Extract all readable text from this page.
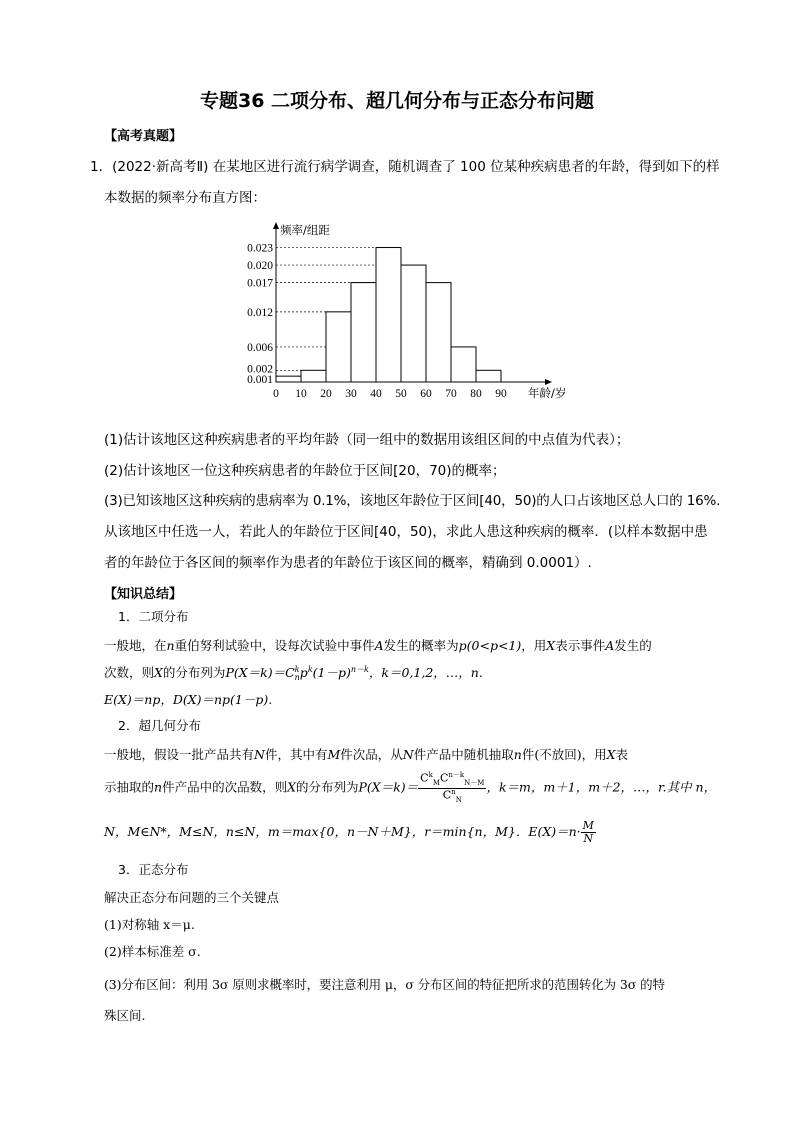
专题36 二项分布、超几何分布与正态分布问题
【高考真题】
1．(2022·新高考Ⅱ) 在某地区进行流行病学调查，随机调查了 100 位某种疾病患者的年龄，得到如下的样
本数据的频率分布直方图：
0 10 20 30 40 50 60 70 80 90
0.001
0.002
0.006
0.012
0.017
0.020
0.023
频率/组距
年龄/岁
(1)估计该地区这种疾病患者的平均年龄（同一组中的数据用该组区间的中点值为代表）；
(2)估计该地区一位这种疾病患者的年龄位于区间[20，70)的概率；
(3)已知该地区这种疾病的患病率为 0.1%，该地区年龄位于区间[40，50)的人口占该地区总人口的 16%.
从该地区中任选一人，若此人的年龄位于区间[40，50)，求此人患这种疾病的概率．(以样本数据中患
者的年龄位于各区间的频率作为患者的年龄位于该区间的概率，精确到 0.0001）.
【知识总结】
1．二项分布
一般地，在n重伯努利试验中，设每次试验中事件A发生的概率为p(0<p<1)，用X表示事件A发生的
次数，则X的分布列为P(X＝k)＝C k
n $p^k(1-p)^{n-k}$，k＝0,1,2，…，n.
E(X)＝np，D(X)＝np(1－p).
2．超几何分布
一般地，假设一批产品共有N件，其中有M件次品，从N件产品中随机抽取n件(不放回)，用X表
示抽取的n件产品中的次品数，则X的分布列为$P(X=k)= \frac{C^k_MC^{n-k}_{N-M}}{C^n_N}$ ，k＝m，m＋1，m＋2，…，r.其中 n，
N，M∈N*，M≤N，n≤N，m＝max{0，n－N＋M}，r＝min{n，M}．$E(X)=n\cdot \frac{M}{N}$
3．正态分布
解决正态分布问题的三个关键点
(1)对称轴 x＝μ.
(2)样本标准差 σ.
(3)分布区间：利用 3σ 原则求概率时，要注意利用 μ，σ 分布区间的特征把所求的范围转化为 3σ 的特
殊区间.
